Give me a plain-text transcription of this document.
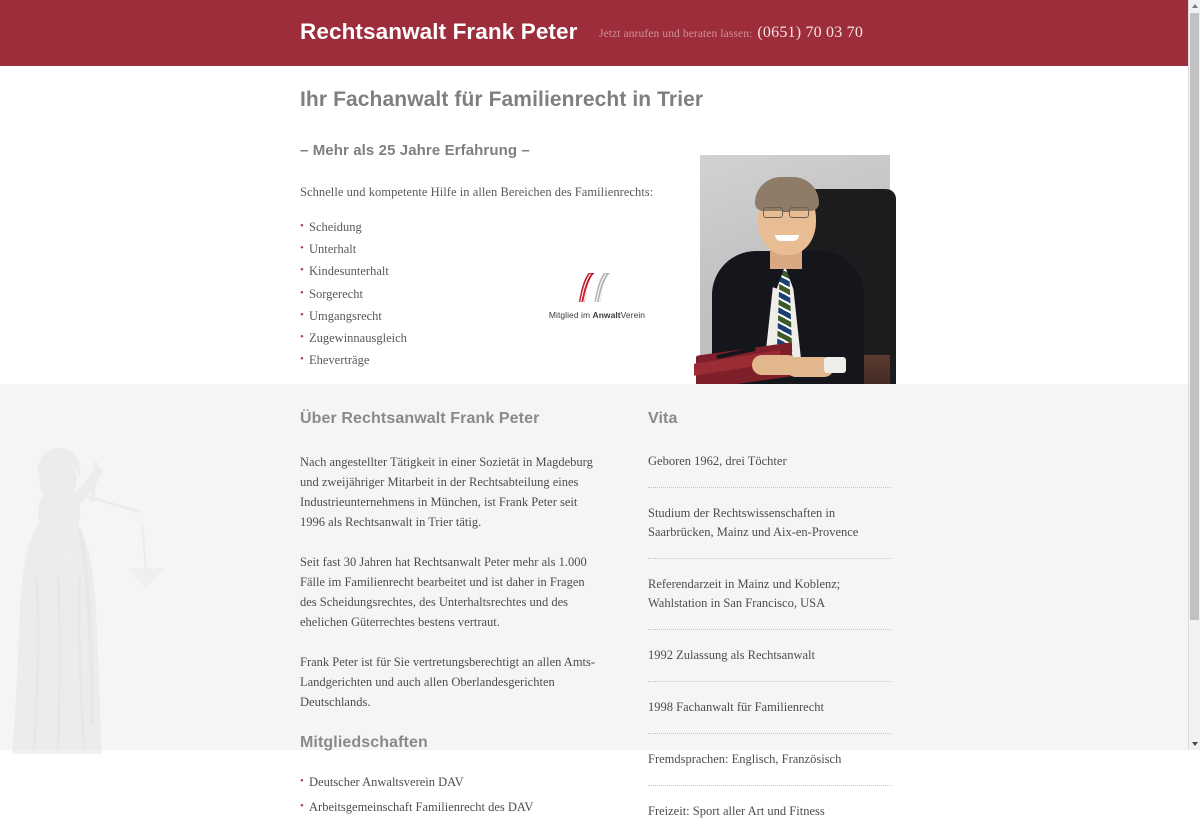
Rechtsanwalt Frank Peter Jetzt anrufen und beraten lassen: (0651) 70 03 70
Ihr Fachanwalt für Familienrecht in Trier
– Mehr als 25 Jahre Erfahrung –

Schnelle und kompetente Hilfe in allen Bereichen des Familienrechts:

• Scheidung
• Unterhalt
• Kindesunterhalt
• Sorgerecht
• Umgangsrecht
• Zugewinnausgleich
• Eheverträge
Mitglied im AnwaltVerein
Über Rechtsanwalt Frank Peter

Nach angestellter Tätigkeit in einer Sozietät in Magdeburg und zweijähriger Mitarbeit in der Rechtsabteilung eines Industrieunternehmens in München, ist Frank Peter seit 1996 als Rechtsanwalt in Trier tätig.

Seit fast 30 Jahren hat Rechtsanwalt Peter mehr als 1.000 Fälle im Familienrecht bearbeitet und ist daher in Fragen des Scheidungsrechtes, des Unterhaltsrechtes und des ehelichen Güterrechtes bestens vertraut.

Frank Peter ist für Sie vertretungsberechtigt an allen Amts- Landgerichten und auch allen Oberlandesgerichten Deutschlands.

Mitgliedschaften
• Deutscher Anwaltsverein DAV
• Arbeitsgemeinschaft Familienrecht des DAV
Vita
Geboren 1962, drei Töchter
Studium der Rechtswissenschaften in Saarbrücken, Mainz und Aix-en-Provence
Referendarzeit in Mainz und Koblenz; Wahlstation in San Francisco, USA
1992 Zulassung als Rechtsanwalt
1998 Fachanwalt für Familienrecht
Fremdsprachen: Englisch, Französisch
Freizeit: Sport aller Art und Fitness
